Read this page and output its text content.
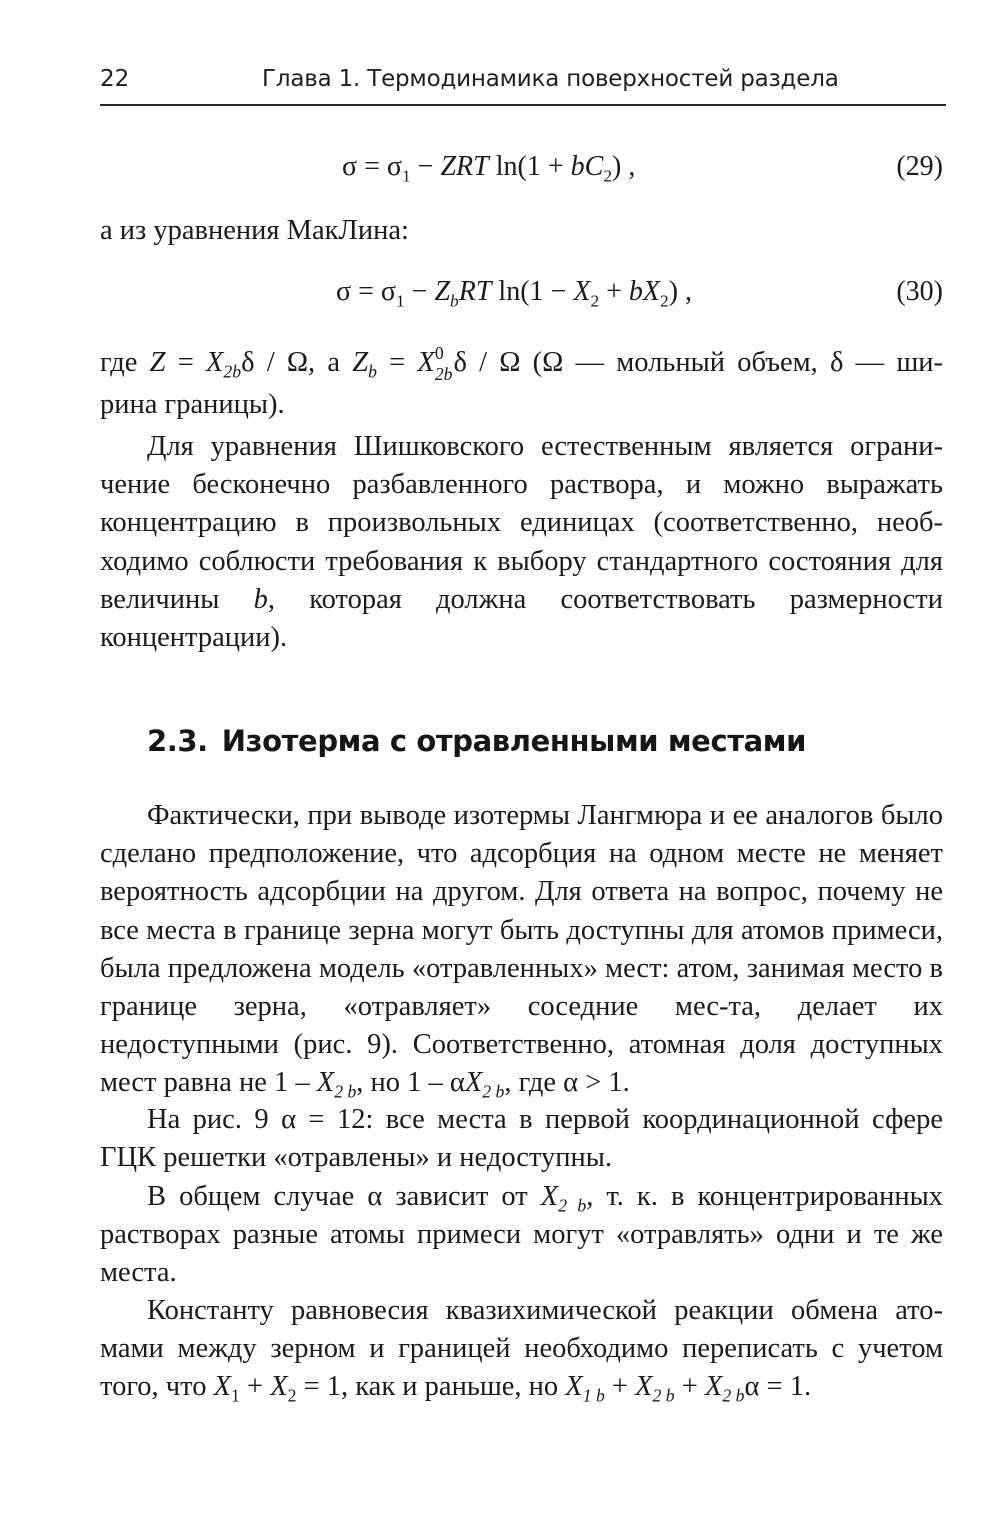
22	Глава 1. Термодинамика поверхностей раздела
$\sigma = \sigma_1$ − ZRT $\ln(1 + bC_2)$ ,	(29)

а из уравнения МакЛина:

$\sigma = \sigma_1 - Z_bRT$ $\ln(1 - X_2 + bX_2)$ ,	(30)

где $Z = X_{2b}\delta / \Omega$, а $Z_b = X$ 0
2b δ / Ω (Ω — мольный объем, δ — ши-

рина границы).

Для уравнения Шишковского естественным является ограни-чение бесконечно разбавленного раствора, и можно выражать концентрацию в произвольных единицах (соответственно, необ-ходимо соблюсти требования к выбору стандартного состояния для величины b, которая должна соответствовать размерности концентрации).

2.3. Изотерма с отравленными местами

Фактически, при выводе изотермы Лангмюра и ее аналогов было сделано предположение, что адсорбция на одном месте не меняет вероятность адсорбции на другом. Для ответа на вопрос, почему не все места в границе зерна могут быть доступны для атомов примеси, была предложена модель «отравленных» мест: атом, занимая место в границе зерна, «отравляет» соседние мес-та, делает их недоступными (рис. 9). Соответственно, атомная доля доступных мест равна не $1 - X_{2 b}$, но $1 - \alpha X_{2 b}$, где α > 1.

На рис. 9 α = 12: все места в первой координационной сфере ГЦК решетки «отравлены» и недоступны.

В общем случае α зависит от $X_{2 b}$, т. к. в концентрированных растворах разные атомы примеси могут «отравлять» одни и те же места.

Константу равновесия квазихимической реакции обмена ато-мами между зерном и границей необходимо переписать с учетом того, что $X_1 + X_2 = 1$, как и раньше, но $X_{1 b} + X_{2 b} + X_{2 b}\alpha = 1$.
